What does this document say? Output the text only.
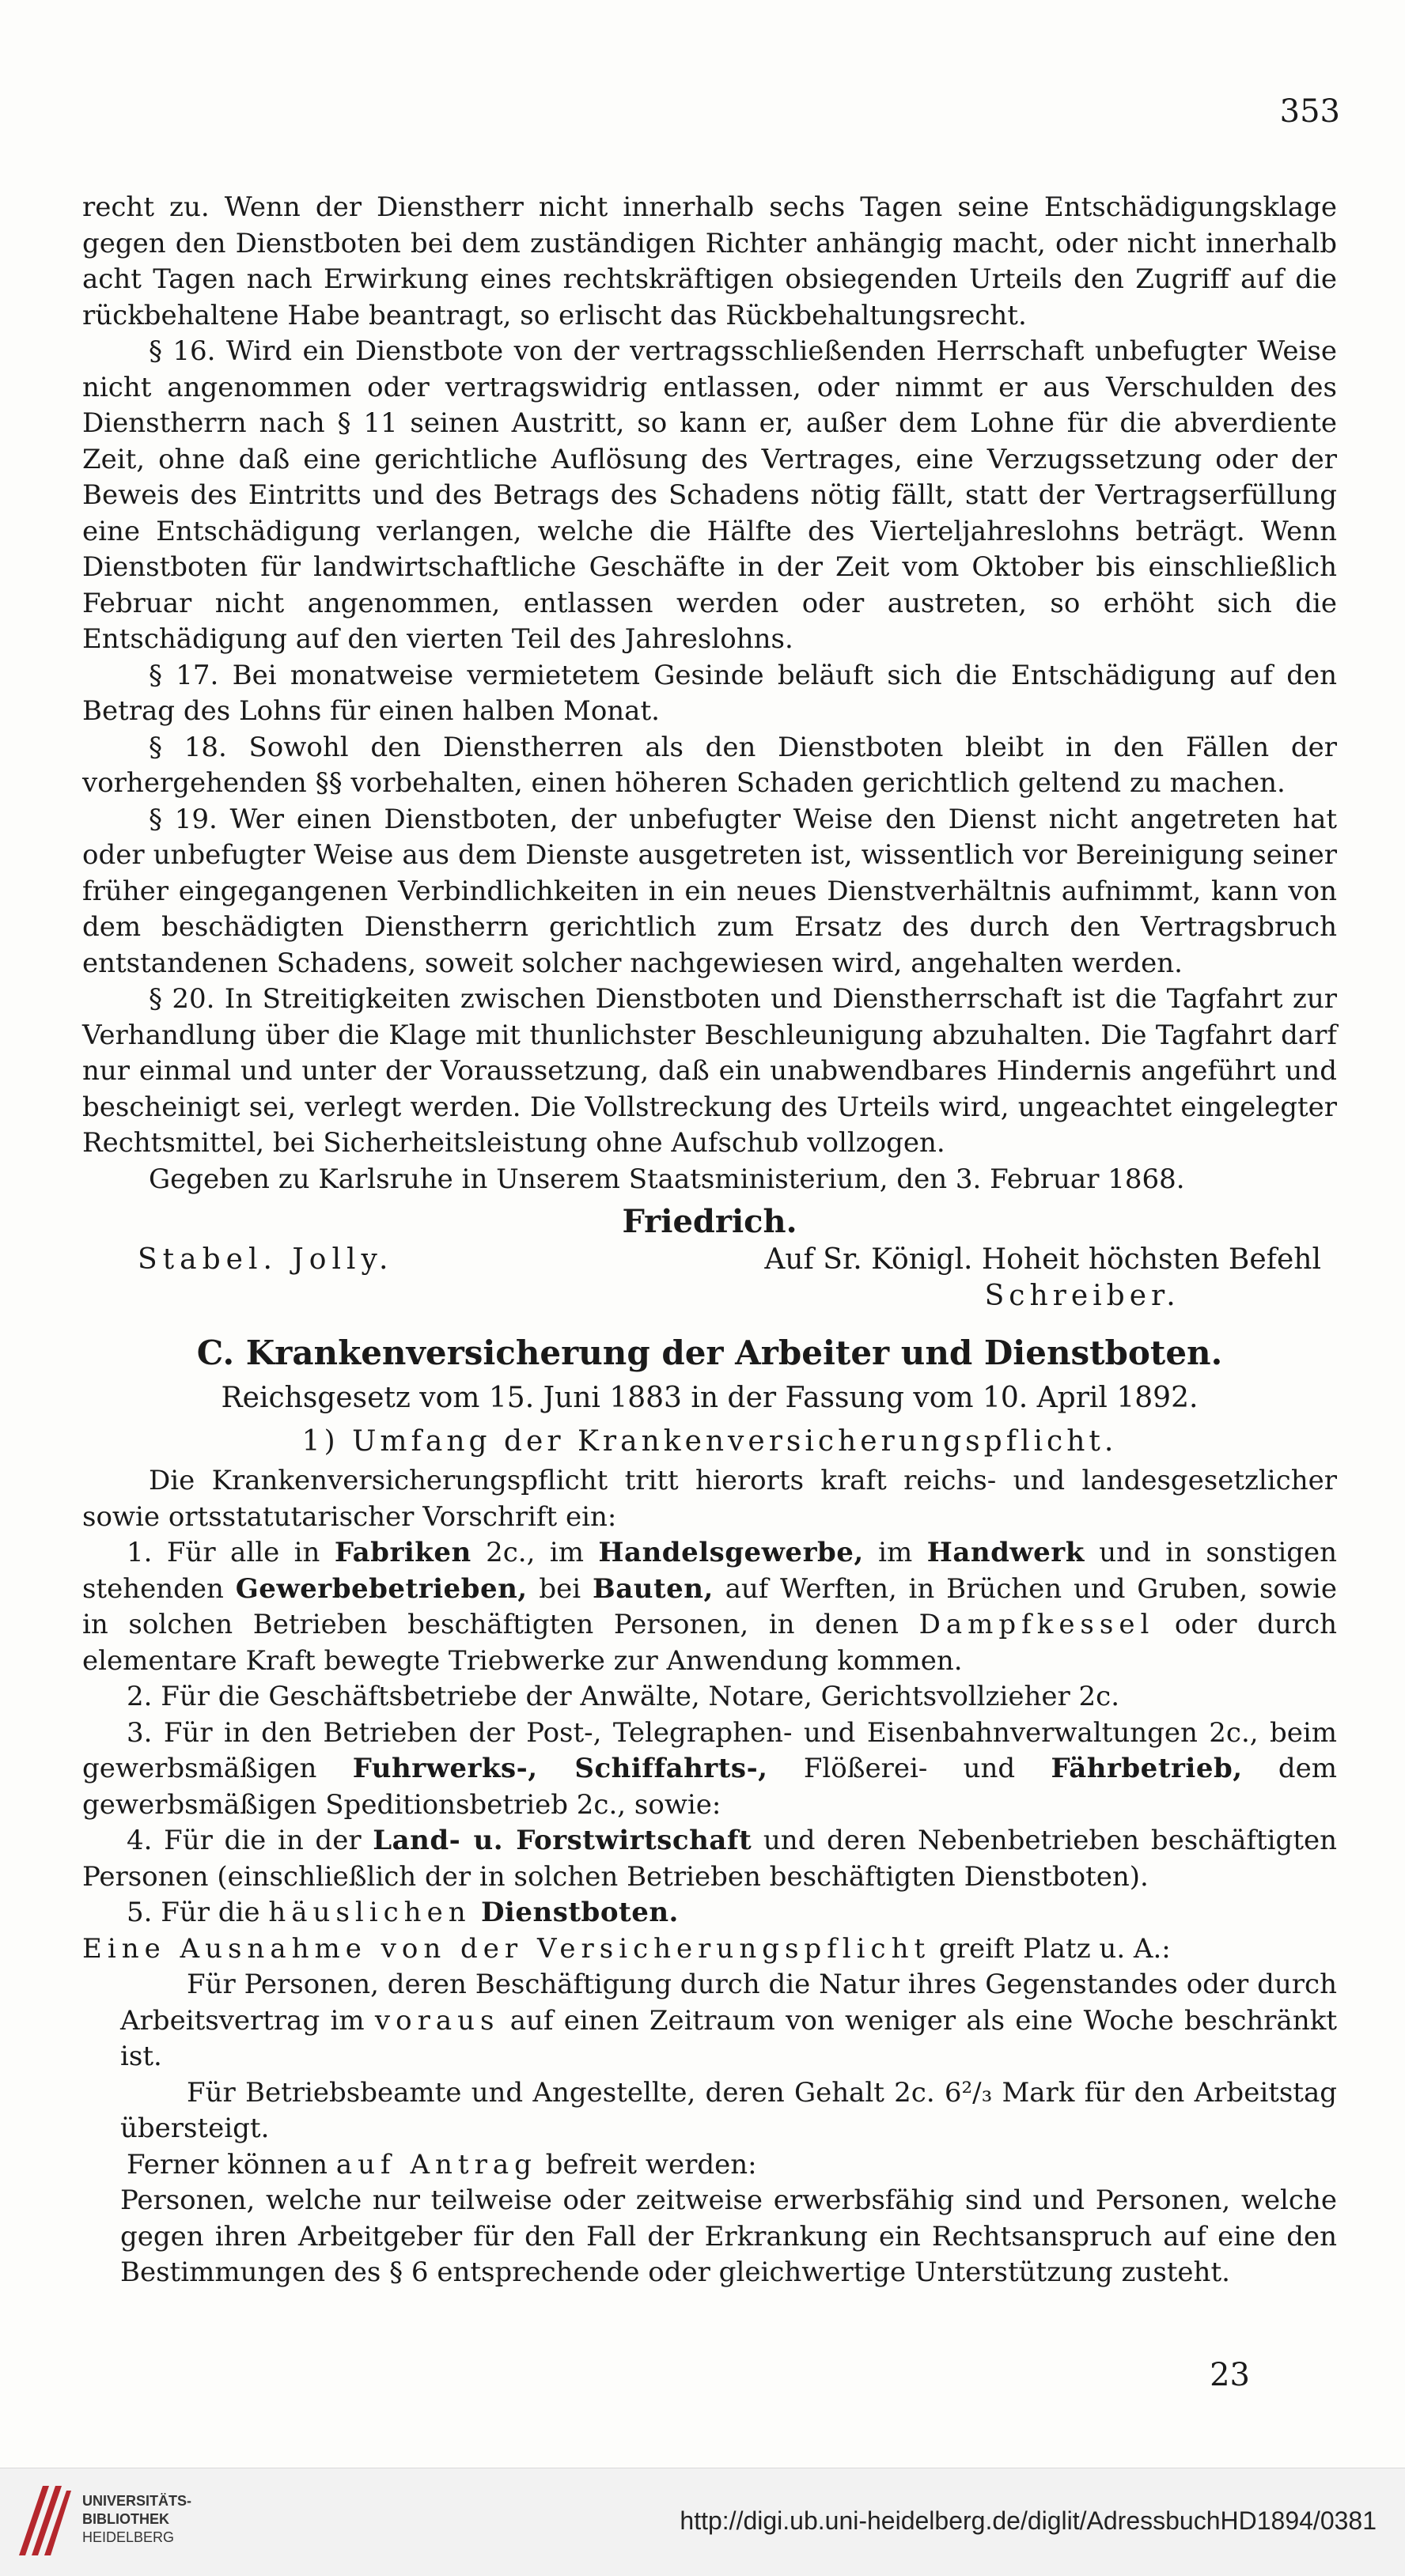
353

recht zu. Wenn der Dienstherr nicht innerhalb sechs Tagen seine Entschädigungsklage gegen den Dienstboten bei dem zuständigen Richter anhängig macht, oder nicht innerhalb acht Tagen nach Erwirkung eines rechtskräftigen obsiegenden Urteils den Zugriff auf die rückbehaltene Habe beantragt, so erlischt das Rückbehaltungsrecht.

§ 16. Wird ein Dienstbote von der vertragsschließenden Herrschaft unbefugter Weise nicht angenommen oder vertragswidrig entlassen, oder nimmt er aus Verschulden des Dienstherrn nach § 11 seinen Austritt, so kann er, außer dem Lohne für die abverdiente Zeit, ohne daß eine gerichtliche Auflösung des Vertrages, eine Verzugssetzung oder der Beweis des Eintritts und des Betrags des Schadens nötig fällt, statt der Vertragserfüllung eine Entschädigung verlangen, welche die Hälfte des Vierteljahreslohns beträgt. Wenn Dienstboten für landwirtschaftliche Geschäfte in der Zeit vom Oktober bis einschließlich Februar nicht angenommen, entlassen werden oder austreten, so erhöht sich die Entschädigung auf den vierten Teil des Jahreslohns.

§ 17. Bei monatweise vermietetem Gesinde beläuft sich die Entschädigung auf den Betrag des Lohns für einen halben Monat.

§ 18. Sowohl den Dienstherren als den Dienstboten bleibt in den Fällen der vorhergehenden §§ vorbehalten, einen höheren Schaden gerichtlich geltend zu machen.

§ 19. Wer einen Dienstboten, der unbefugter Weise den Dienst nicht angetreten hat oder unbefugter Weise aus dem Dienste ausgetreten ist, wissentlich vor Bereinigung seiner früher eingegangenen Verbindlichkeiten in ein neues Dienstverhältnis aufnimmt, kann von dem beschädigten Dienstherrn gerichtlich zum Ersatz des durch den Vertragsbruch entstandenen Schadens, soweit solcher nachgewiesen wird, angehalten werden.

§ 20. In Streitigkeiten zwischen Dienstboten und Dienstherrschaft ist die Tagfahrt zur Verhandlung über die Klage mit thunlichster Beschleunigung abzuhalten. Die Tagfahrt darf nur einmal und unter der Voraussetzung, daß ein unabwendbares Hindernis angeführt und bescheinigt sei, verlegt werden. Die Vollstreckung des Urteils wird, ungeachtet eingelegter Rechtsmittel, bei Sicherheitsleistung ohne Aufschub vollzogen.

Gegeben zu Karlsruhe in Unserem Staatsministerium, den 3. Februar 1868.

Friedrich.
Stabel. Jolly.	Auf Sr. Königl. Hoheit höchsten Befehl
Schreiber.
C. Krankenversicherung der Arbeiter und Dienstboten.
Reichsgesetz vom 15. Juni 1883 in der Fassung vom 10. April 1892.
1) Umfang der Krankenversicherungspflicht.

Die Krankenversicherungspflicht tritt hierorts kraft reichs- und landesgesetzlicher sowie ortsstatutarischer Vorschrift ein:

1. Für alle in Fabriken 2c., im Handelsgewerbe, im Handwerk und in sonstigen stehenden Gewerbebetrieben, bei Bauten, auf Werften, in Brüchen und Gruben, sowie in solchen Betrieben beschäftigten Personen, in denen Dampfkessel oder durch elementare Kraft bewegte Triebwerke zur Anwendung kommen.

2. Für die Geschäftsbetriebe der Anwälte, Notare, Gerichtsvollzieher 2c.

3. Für in den Betrieben der Post-, Telegraphen- und Eisenbahnverwaltungen 2c., beim gewerbsmäßigen Fuhrwerks-, Schiffahrts-, Flößerei- und Fährbetrieb, dem gewerbsmäßigen Speditionsbetrieb 2c., sowie:

4. Für die in der Land- u. Forstwirtschaft und deren Nebenbetrieben beschäftigten Personen (einschließlich der in solchen Betrieben beschäftigten Dienstboten).

5. Für die häuslichen Dienstboten.

Eine Ausnahme von der Versicherungspflicht greift Platz u. A.:

Für Personen, deren Beschäftigung durch die Natur ihres Gegenstandes oder durch Arbeitsvertrag im voraus auf einen Zeitraum von weniger als eine Woche beschränkt ist.

Für Betriebsbeamte und Angestellte, deren Gehalt 2c. 6²/₃ Mark für den Arbeitstag übersteigt.

Ferner können auf Antrag befreit werden:

Personen, welche nur teilweise oder zeitweise erwerbsfähig sind und Personen, welche gegen ihren Arbeitgeber für den Fall der Erkrankung ein Rechtsanspruch auf eine den Bestimmungen des § 6 entsprechende oder gleichwertige Unterstützung zusteht.

23
UNIVERSITÄTS-
BIBLIOTHEK
HEIDELBERG
http://digi.ub.uni-heidelberg.de/diglit/AdressbuchHD1894/0381
